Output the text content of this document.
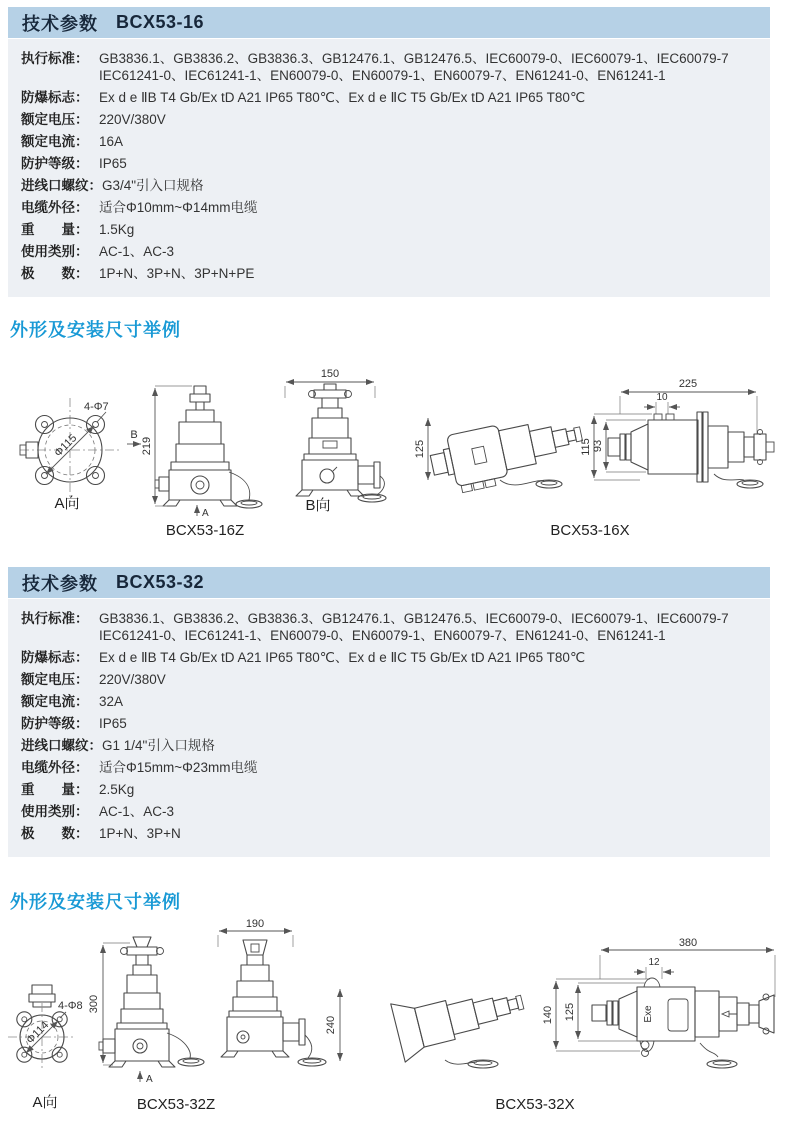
技术参数 BCX53-16
执行标准： GB3836.1、GB3836.2、GB3836.3、GB12476.1、GB12476.5、IEC60079-0、IEC60079-1、IEC60079-7
IEC61241-0、IEC61241-1、EN60079-0、EN60079-1、EN60079-7、EN61241-0、EN61241-1
防爆标志： Ex d e ⅡB T4 Gb/Ex tD A21 IP65 T80℃、Ex d e ⅡC T5 Gb/Ex tD A21 IP65 T80℃
额定电压： 220V/380V
额定电流： 16A
防护等级： IP65
进线口螺纹： G3/4"引入口规格
电缆外径： 适合Φ10mm~Φ14mm电缆
重　　量： 1.5Kg
使用类别： AC-1、AC-3
极　　数： 1P+N、3P+N、3P+N+PE
外形及安装尺寸举例
Φ115
4-Φ7
A向
219
B
A
BCX53-16Z
150
B向
125
225
10
115 93
BCX53-16X
技术参数 BCX53-32
执行标准： GB3836.1、GB3836.2、GB3836.3、GB12476.1、GB12476.5、IEC60079-0、IEC60079-1、IEC60079-7
IEC61241-0、IEC61241-1、EN60079-0、EN60079-1、EN60079-7、EN61241-0、EN61241-1
防爆标志： Ex d e ⅡB T4 Gb/Ex tD A21 IP65 T80℃、Ex d e ⅡC T5 Gb/Ex tD A21 IP65 T80℃
额定电压： 220V/380V
额定电流： 32A
防护等级： IP65
进线口螺纹： G1 1/4"引入口规格
电缆外径： 适合Φ15mm~Φ23mm电缆
重　　量： 2.5Kg
使用类别： AC-1、AC-3
极　　数： 1P+N、3P+N
外形及安装尺寸举例
Φ114
4-Φ8
A向
300
A
BCX53-32Z
190
240
380
12
140 125	Exe
BCX53-32X
